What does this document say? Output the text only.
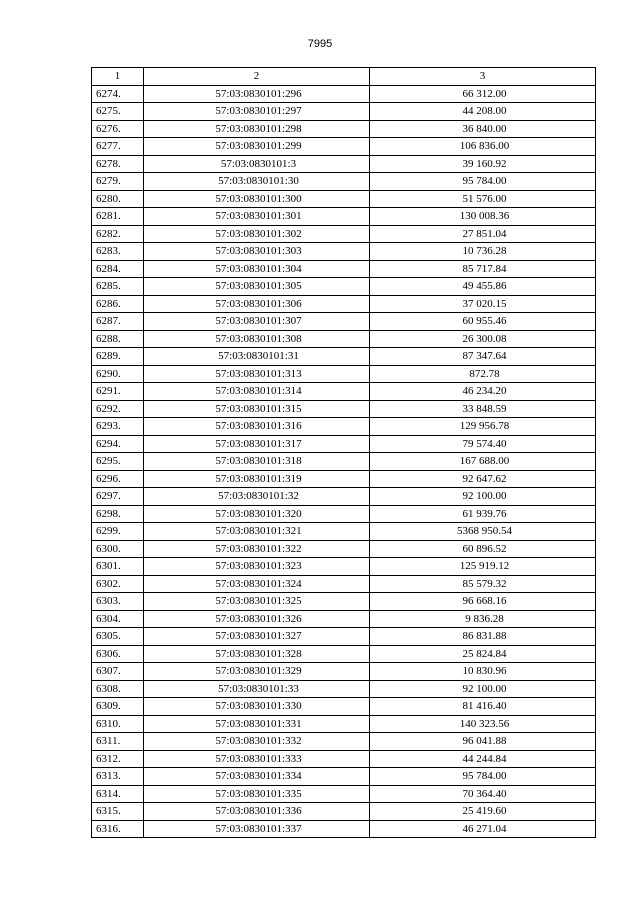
7995
1	2	3
6274.	57:03:0830101:296	66 312.00
6275.	57:03:0830101:297	44 208.00
6276.	57:03:0830101:298	36 840.00
6277.	57:03:0830101:299	106 836.00
6278.	57:03:0830101:3	39 160.92
6279.	57:03:0830101:30	95 784.00
6280.	57:03:0830101:300	51 576.00
6281.	57:03:0830101:301	130 008.36
6282.	57:03:0830101:302	27 851.04
6283.	57:03:0830101:303	10 736.28
6284.	57:03:0830101:304	85 717.84
6285.	57:03:0830101:305	49 455.86
6286.	57:03:0830101:306	37 020.15
6287.	57:03:0830101:307	60 955.46
6288.	57:03:0830101:308	26 300.08
6289.	57:03:0830101:31	87 347.64
6290.	57:03:0830101:313	872.78
6291.	57:03:0830101:314	46 234.20
6292.	57:03:0830101:315	33 848.59
6293.	57:03:0830101:316	129 956.78
6294.	57:03:0830101:317	79 574.40
6295.	57:03:0830101:318	167 688.00
6296.	57:03:0830101:319	92 647.62
6297.	57:03:0830101:32	92 100.00
6298.	57:03:0830101:320	61 939.76
6299.	57:03:0830101:321	5368 950.54
6300.	57:03:0830101:322	60 896.52
6301.	57:03:0830101:323	125 919.12
6302.	57:03:0830101:324	85 579.32
6303.	57:03:0830101:325	96 668.16
6304.	57:03:0830101:326	9 836.28
6305.	57:03:0830101:327	86 831.88
6306.	57:03:0830101:328	25 824.84
6307.	57:03:0830101:329	10 830.96
6308.	57:03:0830101:33	92 100.00
6309.	57:03:0830101:330	81 416.40
6310.	57:03:0830101:331	140 323.56
6311.	57:03:0830101:332	96 041.88
6312.	57:03:0830101:333	44 244.84
6313.	57:03:0830101:334	95 784.00
6314.	57:03:0830101:335	70 364.40
6315.	57:03:0830101:336	25 419.60
6316.	57:03:0830101:337	46 271.04
